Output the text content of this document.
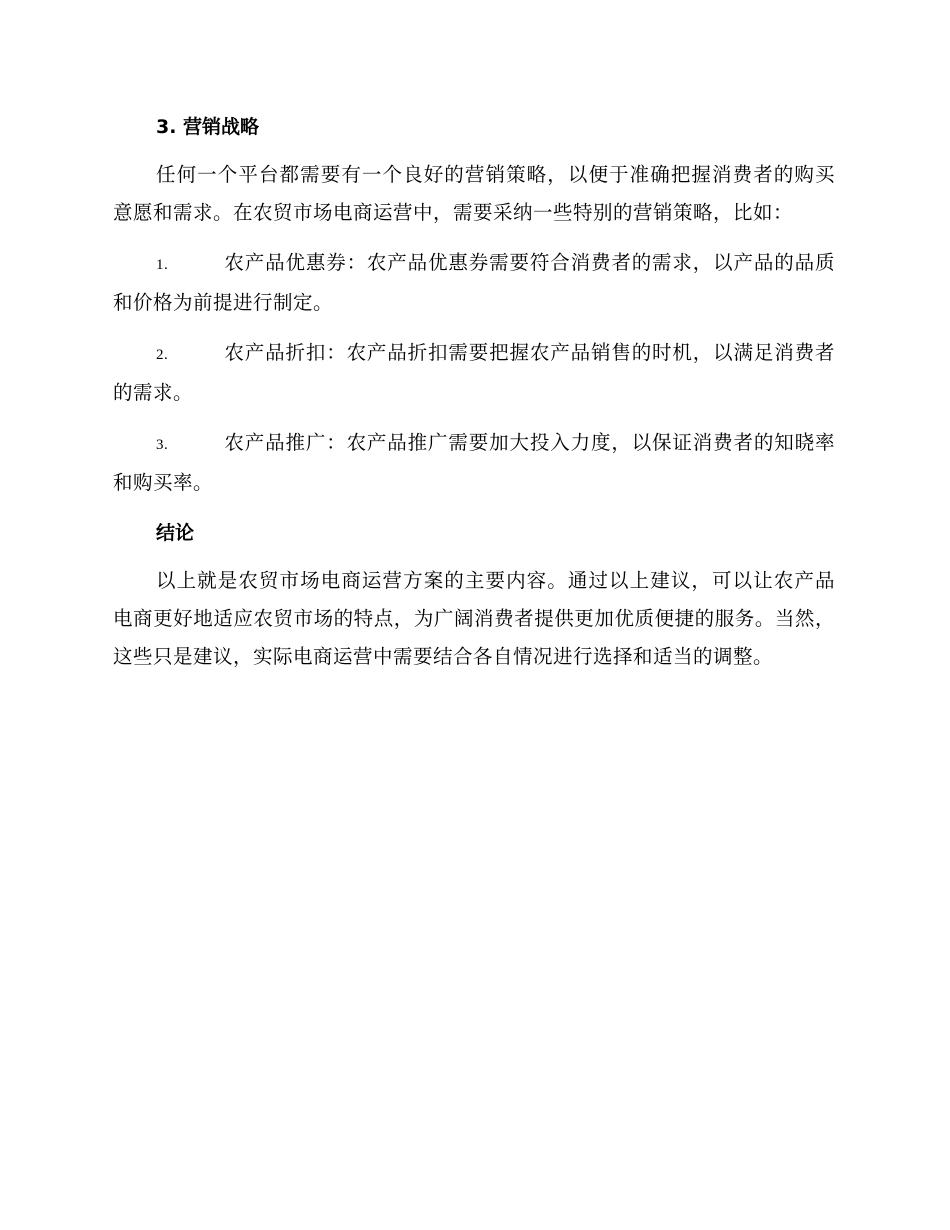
3. 营销战略

任何一个平台都需要有一个良好的营销策略，以便于准确把握消费者的购买意愿和需求。在农贸市场电商运营中，需要采纳一些特别的营销策略，比如：

1.	农产品优惠券：农产品优惠券需要符合消费者的需求，以产品的品质和价格为前提进行制定。

2.	农产品折扣：农产品折扣需要把握农产品销售的时机，以满足消费者的需求。

3.	农产品推广：农产品推广需要加大投入力度，以保证消费者的知晓率和购买率。

结论

以上就是农贸市场电商运营方案的主要内容。通过以上建议，可以让农产品电商更好地适应农贸市场的特点，为广阔消费者提供更加优质便捷的服务。当然，这些只是建议，实际电商运营中需要结合各自情况进行选择和适当的调整。
